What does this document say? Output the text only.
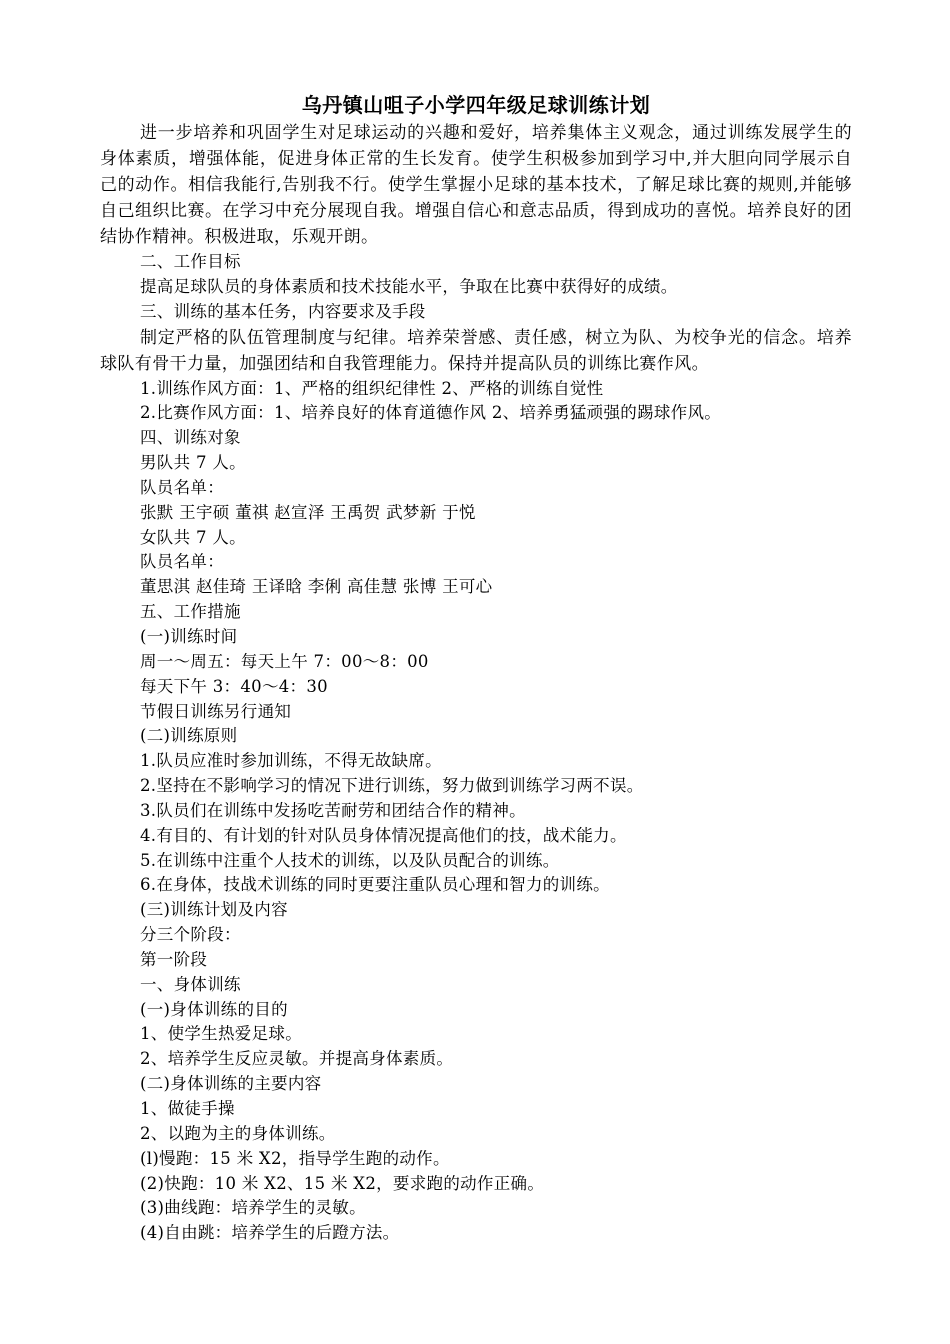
乌丹镇山咀子小学四年级足球训练计划

进一步培养和巩固学生对足球运动的兴趣和爱好，培养集体主义观念，通过训练发展学生的身体素质，增强体能，促进身体正常的生长发育。使学生积极参加到学习中,并大胆向同学展示自己的动作。相信我能行,告别我不行。使学生掌握小足球的基本技术，了解足球比赛的规则,并能够自己组织比赛。在学习中充分展现自我。增强自信心和意志品质，得到成功的喜悦。培养良好的团结协作精神。积极进取，乐观开朗。

二、工作目标

提高足球队员的身体素质和技术技能水平，争取在比赛中获得好的成绩。

三、训练的基本任务，内容要求及手段

制定严格的队伍管理制度与纪律。培养荣誉感、责任感，树立为队、为校争光的信念。培养球队有骨干力量，加强团结和自我管理能力。保持并提高队员的训练比赛作风。

1.训练作风方面：1、严格的组织纪律性 2、严格的训练自觉性

2.比赛作风方面：1、培养良好的体育道德作风 2、培养勇猛顽强的踢球作风。

四、训练对象

男队共 7 人。

队员名单：

张默 王宇硕 董祺 赵宣泽 王禹贺 武梦新 于悦

女队共 7 人。

队员名单：

董思淇 赵佳琦 王译晗 李俐 高佳慧 张博 王可心

五、工作措施

(一)训练时间

周一～周五：每天上午 7：00～8：00

每天下午 3：40～4：30

节假日训练另行通知

(二)训练原则

1.队员应准时参加训练，不得无故缺席。

2.坚持在不影响学习的情况下进行训练，努力做到训练学习两不误。

3.队员们在训练中发扬吃苦耐劳和团结合作的精神。

4.有目的、有计划的针对队员身体情况提高他们的技，战术能力。

5.在训练中注重个人技术的训练，以及队员配合的训练。

6.在身体，技战术训练的同时更要注重队员心理和智力的训练。

(三)训练计划及内容

分三个阶段：

第一阶段

一、身体训练

(一)身体训练的目的

1、使学生热爱足球。

2、培养学生反应灵敏。并提高身体素质。

(二)身体训练的主要内容

1、做徒手操

2、以跑为主的身体训练。

(l)慢跑：15 米 X2，指导学生跑的动作。

(2)快跑：10 米 X2、15 米 X2，要求跑的动作正确。

(3)曲线跑：培养学生的灵敏。

(4)自由跳：培养学生的后蹬方法。
